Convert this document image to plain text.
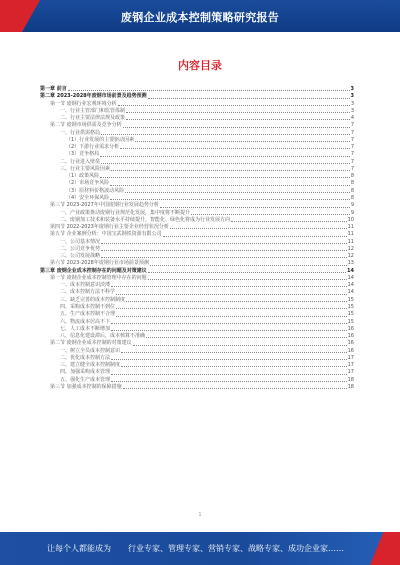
废钢企业成本控制策略研究报告
内容目录
第一章 前言	3
第二章 2023-2028年废钢市场前景及趋势预测	3
第一节 废钢行业宏观环境分析	3
一、行业主管部门和监管体制	3
二、行业主要法律法规及政策	4
第二节 废钢市场供需及竞争分析	7
一、行业供需格局	7
（1）行业发展的主要驱动因素	7
（2）下游行业需求分析	7
（3）竞争格局	7
二、行业进入壁垒	7
三、行业主要风险因素	7
（1）政策风险	8
（2）市场竞争风险	8
（3）原材料价格波动风险	8
（4）安全环保风险	8
第三节 2023-2027年中国废钢行业发展趋势分析	9
一、产业政策推动废钢行业规范化发展，集中度将不断提升	9
二、废钢加工技术和装备水平持续提升，智能化、绿色化将成为行业发展方向	10
第四节 2022-2023年废钢行业主要企业经营状况分析	11
第五节 企业案例分析：中国宝武钢铁资源有限公司	11
一、公司基本情况	11
二、公司竞争优势	12
三、公司发展战略	12
第六节 2023-2028年废钢行业市场前景预测	13
第三章 废钢企业成本控制存在的问题及对策建议	14
第一节 废钢企业成本控制管理中存在的问题	14
一、成本控制意识淡薄	14
二、成本控制方法不科学	14
三、缺乏完善的成本控制制度	15
四、采购成本控制不到位	15
五、生产成本控制不合理	15
六、物流成本居高不下	15
七、人工成本不断增加	16
八、信息化建设滞后，成本核算不准确	16
第二节 废钢企业成本控制的对策建议	16
一、树立全员成本控制意识	16
二、优化成本控制方法	17
三、建立健全成本控制制度	17
四、加强采购成本管理	17
五、强化生产成本管理	18
第三节 加强成本控制的保障措施	18
1
让每个人都能成为 行业专家、管理专家、营销专家、战略专家、成功企业家……
